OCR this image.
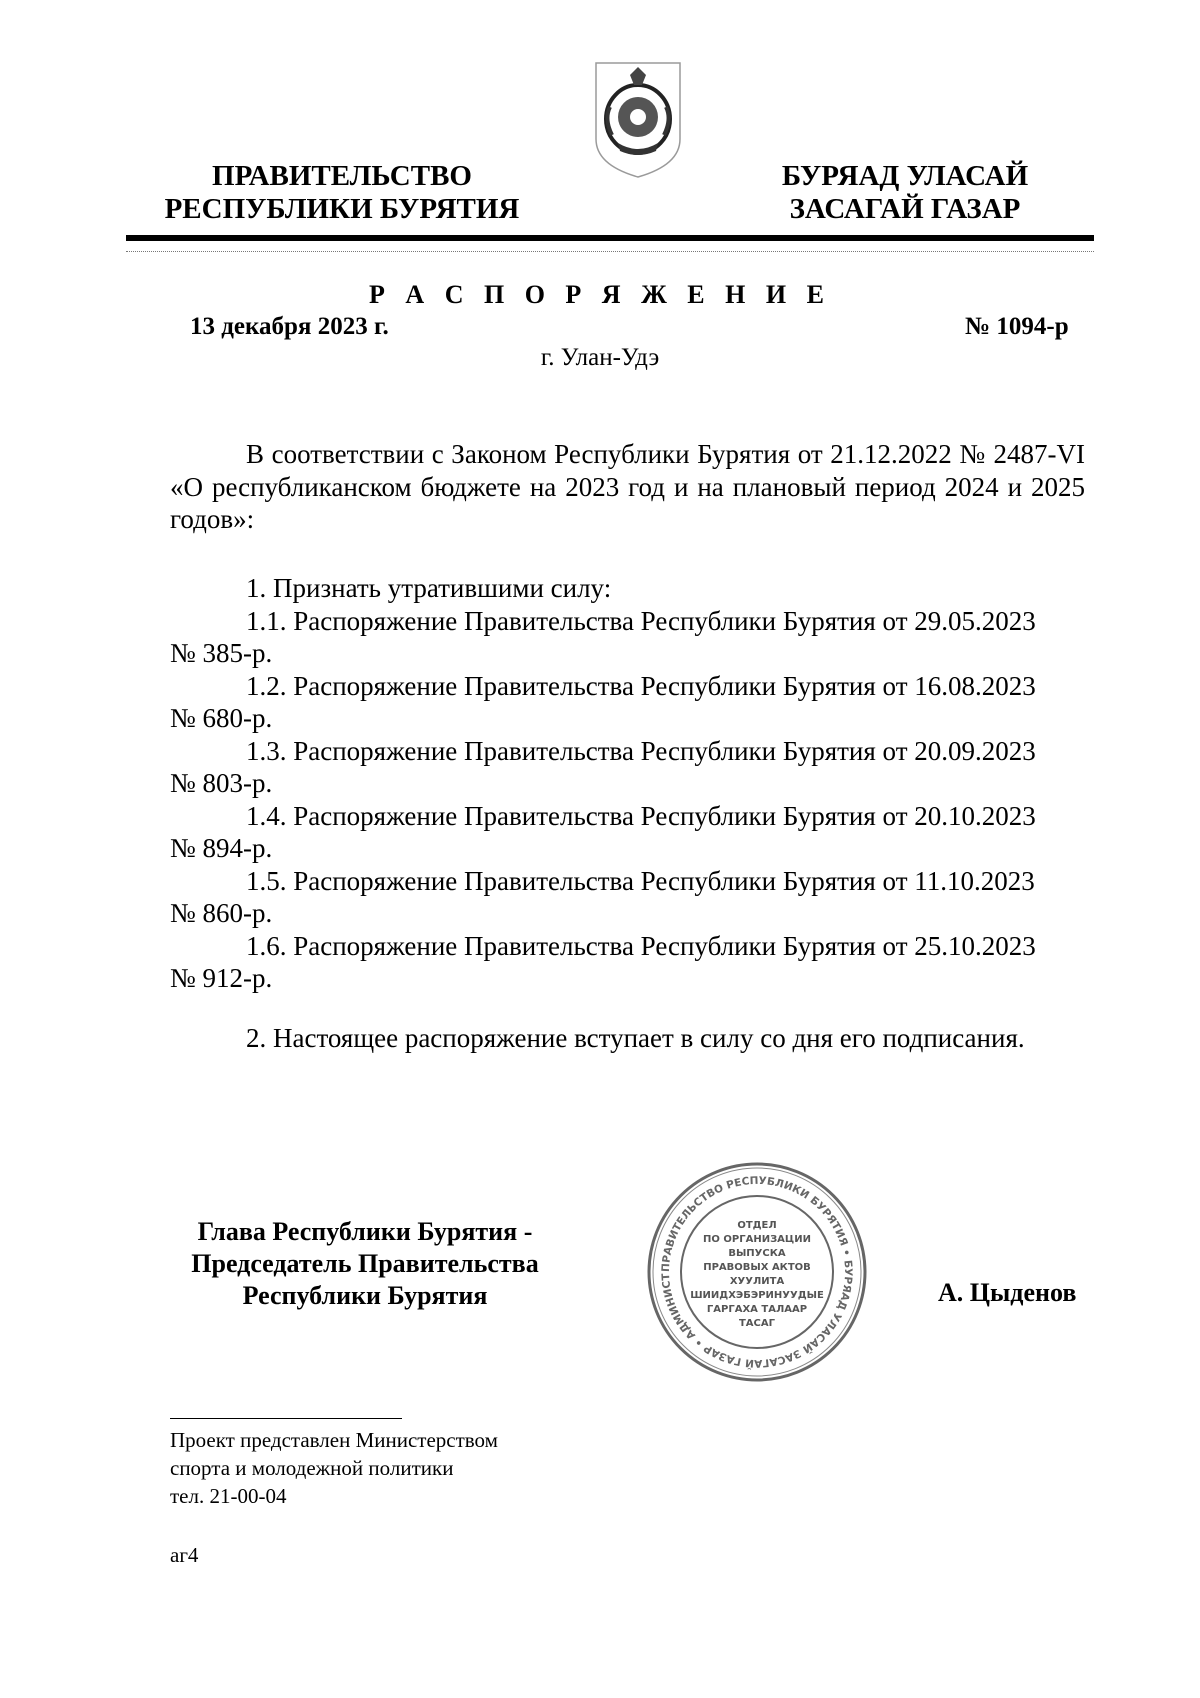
ПРАВИТЕЛЬСТВО
РЕСПУБЛИКИ БУРЯТИЯ
БУРЯАД УЛАСАЙ
ЗАСАГАЙ ГАЗАР
Р А С П О Р Я Ж Е Н И Е
13 декабря 2023 г.	№ 1094-р
г. Улан-Удэ

В соответствии с Законом Республики Бурятия от 21.12.2022 № 2487-VI «О республиканском бюджете на 2023 год и на плановый период 2024 и 2025 годов»:

1. Признать утратившими силу:
1.1. Распоряжение Правительства Республики Бурятия от 29.05.2023
№ 385-р.
1.2. Распоряжение Правительства Республики Бурятия от 16.08.2023
№ 680-р.
1.3. Распоряжение Правительства Республики Бурятия от 20.09.2023
№ 803-р.
1.4. Распоряжение Правительства Республики Бурятия от 20.10.2023
№ 894-р.
1.5. Распоряжение Правительства Республики Бурятия от 11.10.2023
№ 860-р.
1.6. Распоряжение Правительства Республики Бурятия от 25.10.2023
№ 912-р.
2. Настоящее распоряжение вступает в силу со дня его подписания.
Глава Республики Бурятия -
Председатель Правительства
Республики Бурятия
ПРАВИТЕЛЬСТВО РЕСПУБЛИКИ БУРЯТИЯ • БУРЯАД УЛАСАЙ ЗАСАГАЙ ГАЗАР • АДМИНИСТ
ОТДЕЛ
ПО ОРГАНИЗАЦИИ
ВЫПУСКА
ПРАВОВЫХ АКТОВ
ХУУЛИТА
ШИИДХЭБЭРИНУУДЫЕ
ГАРГАХА ТАЛААР
ТАСАГ
А. Цыденов
Проект представлен Министерством
спорта и молодежной политики
тел. 21-00-04
аг4
